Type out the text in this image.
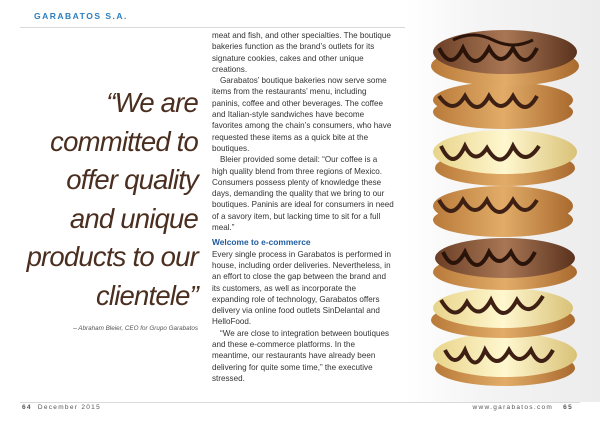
GARABATOS S.A.
“We are committed to offer quality and unique products to our clientele”
– Abraham Bleier, CEO for Grupo Garabatos

meat and fish, and other specialties. The boutique bakeries function as the brand’s outlets for its signature cookies, cakes and other unique creations.

Garabatos’ boutique bakeries now serve some items from the restaurants’ menu, including paninis, coffee and other beverages. The coffee and Italian-style sandwiches have become favorites among the chain’s consumers, who have requested these items as a quick bite at the boutiques.

Bleier provided some detail: “Our coffee is a high quality blend from three regions of Mexico. Consumers possess plenty of knowledge these days, demanding the quality that we bring to our boutiques. Paninis are ideal for consumers in need of a savory item, but lacking time to sit for a full meal.”

Welcome to e-commerce

Every single process in Garabatos is performed in house, including order deliveries. Nevertheless, in an effort to close the gap between the brand and its customers, as well as incorporate the expanding role of technology, Garabatos offers delivery via online food outlets SinDelantal and HelloFood.

“We are close to integration between boutiques and these e-commerce platforms. In the meantime, our restaurants have already been delivering for quite some time,” the executive stressed.

64 December 2015	www.garabatos.com 65
